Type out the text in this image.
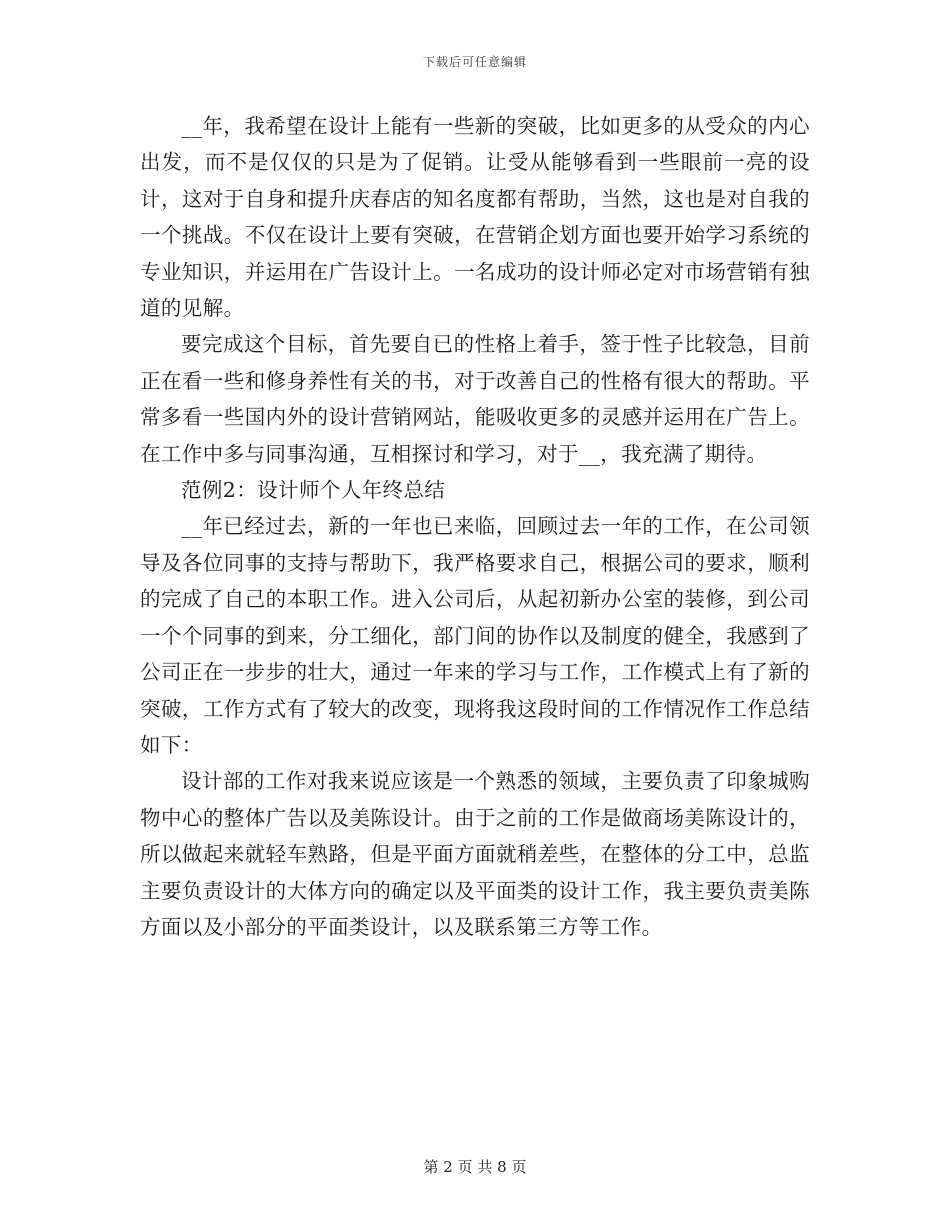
下载后可任意编辑

__年，我希望在设计上能有一些新的突破，比如更多的从受众的内心出发，而不是仅仅的只是为了促销。让受从能够看到一些眼前一亮的设计，这对于自身和提升庆春店的知名度都有帮助，当然，这也是对自我的一个挑战。不仅在设计上要有突破，在营销企划方面也要开始学习系统的专业知识，并运用在广告设计上。一名成功的设计师必定对市场营销有独道的见解。

要完成这个目标，首先要自已的性格上着手，签于性子比较急，目前正在看一些和修身养性有关的书，对于改善自己的性格有很大的帮助。平常多看一些国内外的设计营销网站，能吸收更多的灵感并运用在广告上。在工作中多与同事沟通，互相探讨和学习，对于__，我充满了期待。

范例2：设计师个人年终总结

__年已经过去，新的一年也已来临，回顾过去一年的工作，在公司领导及各位同事的支持与帮助下，我严格要求自己，根据公司的要求，顺利的完成了自己的本职工作。进入公司后，从起初新办公室的装修，到公司一个个同事的到来，分工细化，部门间的协作以及制度的健全，我感到了公司正在一步步的壮大，通过一年来的学习与工作，工作模式上有了新的突破，工作方式有了较大的改变，现将我这段时间的工作情况作工作总结如下：

设计部的工作对我来说应该是一个熟悉的领域，主要负责了印象城购物中心的整体广告以及美陈设计。由于之前的工作是做商场美陈设计的，所以做起来就轻车熟路，但是平面方面就稍差些，在整体的分工中，总监主要负责设计的大体方向的确定以及平面类的设计工作，我主要负责美陈方面以及小部分的平面类设计，以及联系第三方等工作。

第 2 页 共 8 页
